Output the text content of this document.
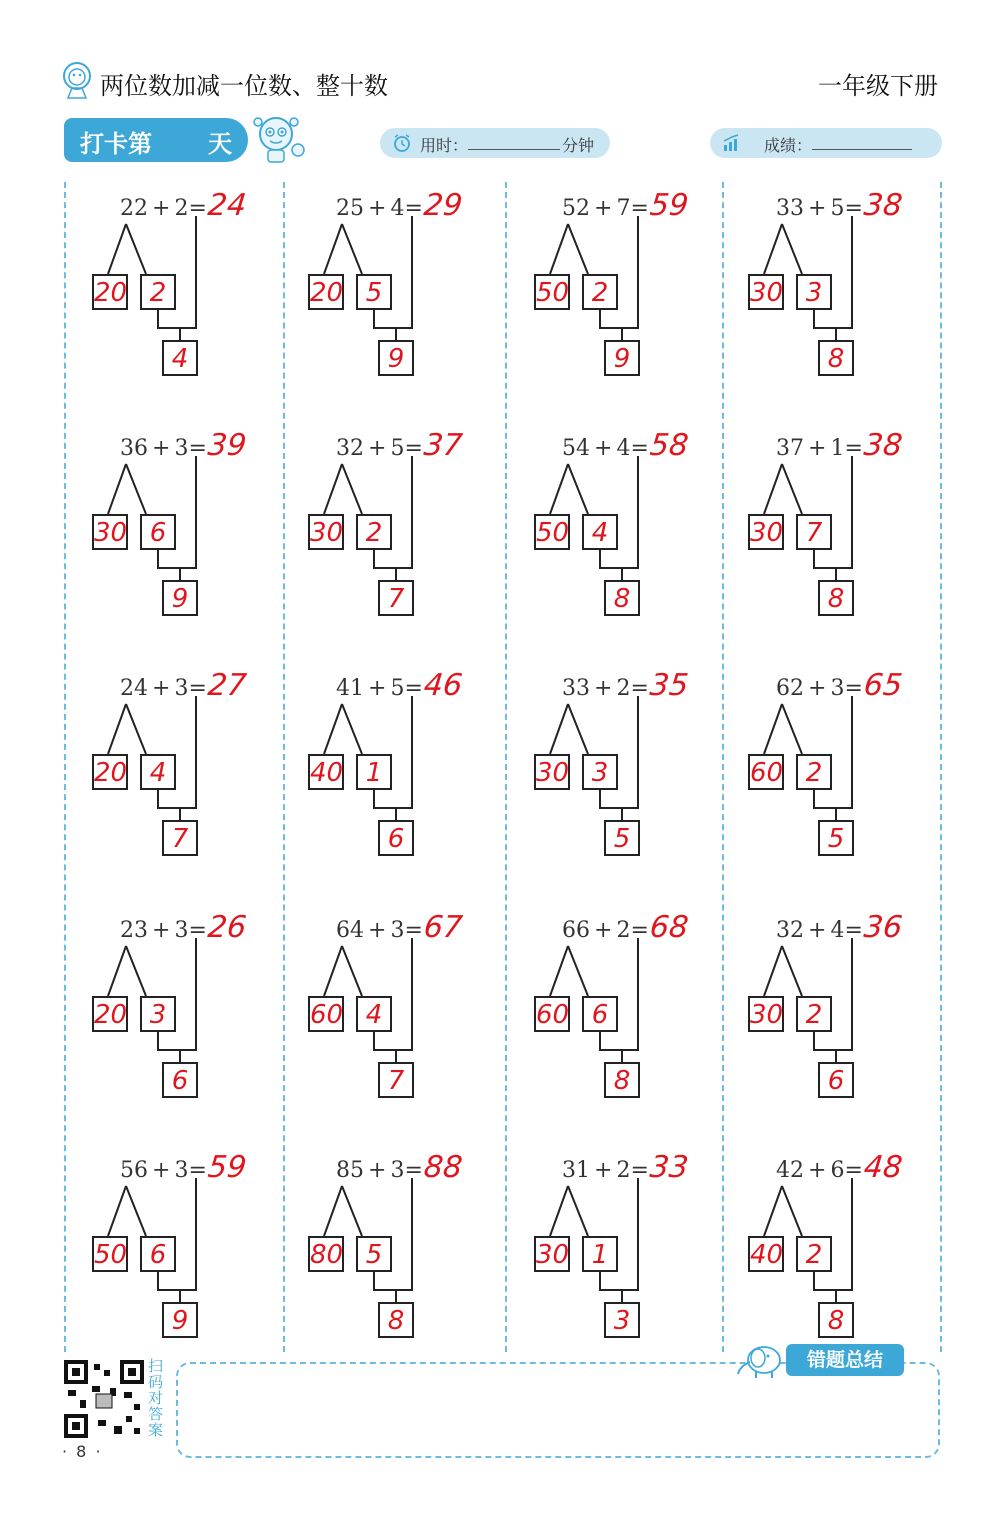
两位数加减一位数、整十数	一年级下册
打卡第 天	用时：	分钟	成绩：
22 + 2= 24
20 2
4
25 + 4= 29
20 5
9
52 + 7= 59
50 2
9
33 + 5= 38
30 3
8
36 + 3= 39
30 6
9
32 + 5= 37
30 2
7
54 + 4= 58
50 4
8
37 + 1= 38
30 7
8
24 + 3= 27
20 4
7
41 + 5= 46
40 1
6
33 + 2= 35
30 3
5
62 + 3= 65
60 2
5
23 + 3= 26
20 3
6
64 + 3= 67
60 4
7
66 + 2= 68
60 6
8
32 + 4= 36
30 2
6
56 + 3= 59
50 6
9
85 + 3= 88
80 5
8
31 + 2= 33
30 1
3
42 + 6= 48
40 2
8
扫码对答案
· 8 ·
错题总结
